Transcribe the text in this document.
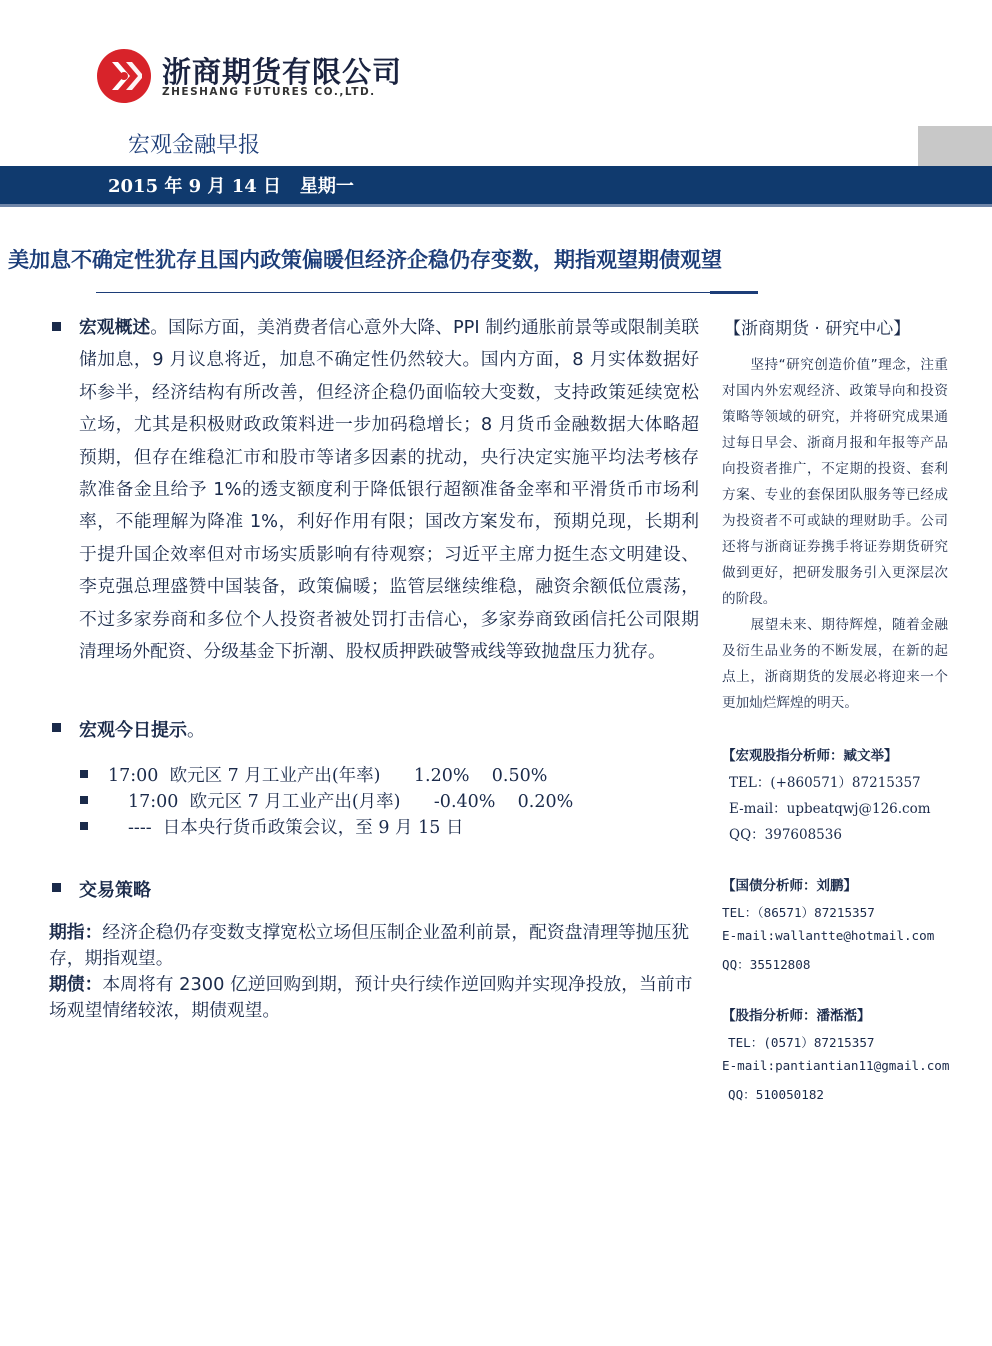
浙商期货有限公司
ZHESHANG FUTURES CO.,LTD.
宏观金融早报
2015 年 9 月 14 日 星期一
美加息不确定性犹存且国内政策偏暖但经济企稳仍存变数，期指观望期债观望
宏观概述。国际方面，美消费者信心意外大降、PPI 制约通胀前景等或限制美联储加息，9 月议息将近，加息不确定性仍然较大。国内方面，8 月实体数据好坏参半，经济结构有所改善，但经济企稳仍面临较大变数，支持政策延续宽松立场，尤其是积极财政政策料进一步加码稳增长；8 月货币金融数据大体略超预期，但存在维稳汇市和股市等诸多因素的扰动，央行决定实施平均法考核存款准备金且给予 1%的透支额度利于降低银行超额准备金率和平滑货币市场利率，不能理解为降准 1%，利好作用有限；国改方案发布，预期兑现，长期利于提升国企效率但对市场实质影响有待观察；习近平主席力挺生态文明建设、李克强总理盛赞中国装备，政策偏暖；监管层继续维稳，融资余额低位震荡，不过多家券商和多位个人投资者被处罚打击信心，多家券商致函信托公司限期清理场外配资、分级基金下折潮、股权质押跌破警戒线等致抛盘压力犹存。
宏观今日提示。
17:00 欧元区 7 月工业产出(年率) 1.20% 0.50%
17:00 欧元区 7 月工业产出(月率) -0.40% 0.20%
---- 日本央行货币政策会议，至 9 月 15 日
交易策略
期指：经济企稳仍存变数支撑宽松立场但压制企业盈利前景，配资盘清理等抛压犹存，期指观望。
期债：本周将有 2300 亿逆回购到期，预计央行续作逆回购并实现净投放，当前市场观望情绪较浓，期债观望。
【浙商期货 · 研究中心】
坚持“研究创造价值”理念，注重对国内外宏观经济、政策导向和投资策略等领域的研究，并将研究成果通过每日早会、浙商月报和年报等产品向投资者推广，不定期的投资、套利方案、专业的套保团队服务等已经成为投资者不可或缺的理财助手。公司还将与浙商证券携手将证券期货研究做到更好，把研发服务引入更深层次的阶段。
展望未来、期待辉煌，随着金融及衍生品业务的不断发展，在新的起点上，浙商期货的发展必将迎来一个更加灿烂辉煌的明天。
【宏观股指分析师：臧文举】
TEL：(+860571）87215357
E-mail：upbeatqwj@126.com
QQ：397608536
【国债分析师：刘鹏】
TEL：（86571）87215357
E-mail:wallantte@hotmail.com
QQ：35512808
【股指分析师：潘湉湉】
TEL：(0571）87215357
E-mail:pantiantian11@gmail.com
QQ：510050182
